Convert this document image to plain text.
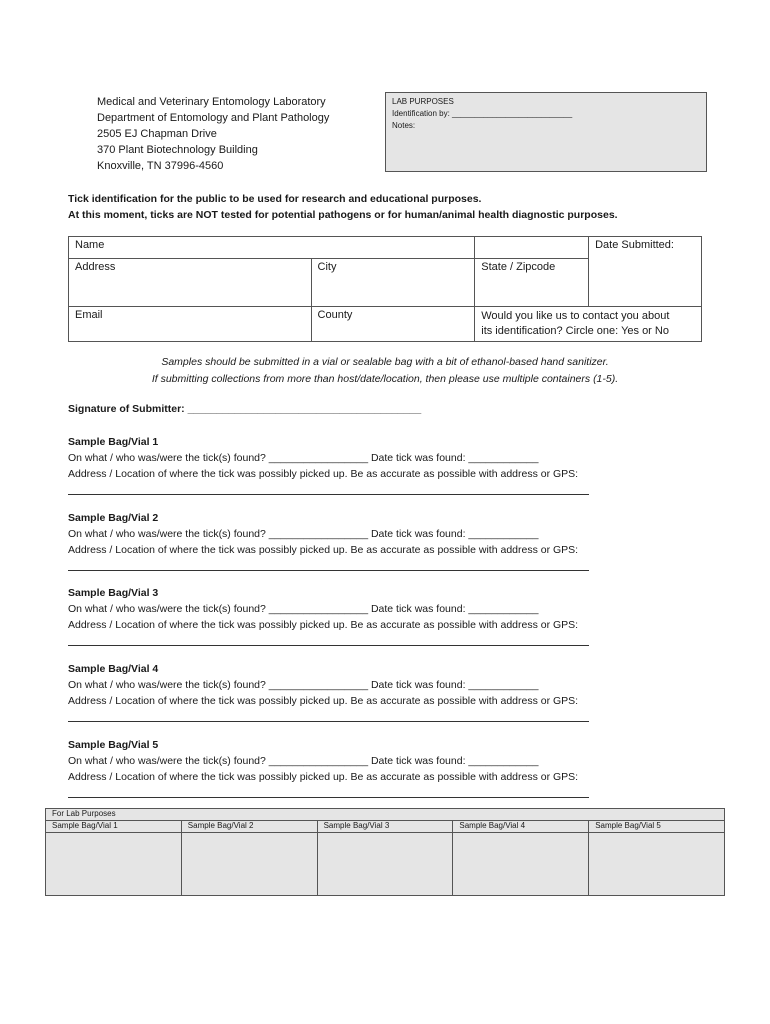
Medical and Veterinary Entomology Laboratory
Department of Entomology and Plant Pathology
2505 EJ Chapman Drive
370 Plant Biotechnology Building
Knoxville, TN 37996-4560
LAB PURPOSES
Identification by: ___________________________
Notes:
Tick identification for the public to be used for research and educational purposes.
At this moment, ticks are NOT tested for potential pathogens or for human/animal health diagnostic purposes.
Name			Date Submitted:
Address	City	State / Zipcode	
Email	County	Would you like us to contact you about
its identification? Circle one: Yes or No	
Samples should be submitted in a vial or sealable bag with a bit of ethanol-based hand sanitizer.
If submitting collections from more than host/date/location, then please use multiple containers (1-5).
Signature of Submitter: ________________________________________
Sample Bag/Vial 1
On what / who was/were the tick(s) found? _________________ Date tick was found: ____________
Address / Location of where the tick was possibly picked up. Be as accurate as possible with address or GPS:
Sample Bag/Vial 2
On what / who was/were the tick(s) found? _________________ Date tick was found: ____________
Address / Location of where the tick was possibly picked up. Be as accurate as possible with address or GPS:
Sample Bag/Vial 3
On what / who was/were the tick(s) found? _________________ Date tick was found: ____________
Address / Location of where the tick was possibly picked up. Be as accurate as possible with address or GPS:
Sample Bag/Vial 4
On what / who was/were the tick(s) found? _________________ Date tick was found: ____________
Address / Location of where the tick was possibly picked up. Be as accurate as possible with address or GPS:
Sample Bag/Vial 5
On what / who was/were the tick(s) found? _________________ Date tick was found: ____________
Address / Location of where the tick was possibly picked up. Be as accurate as possible with address or GPS:
For Lab Purposes				
Sample Bag/Vial 1	Sample Bag/Vial 2	Sample Bag/Vial 3	Sample Bag/Vial 4	Sample Bag/Vial 5
